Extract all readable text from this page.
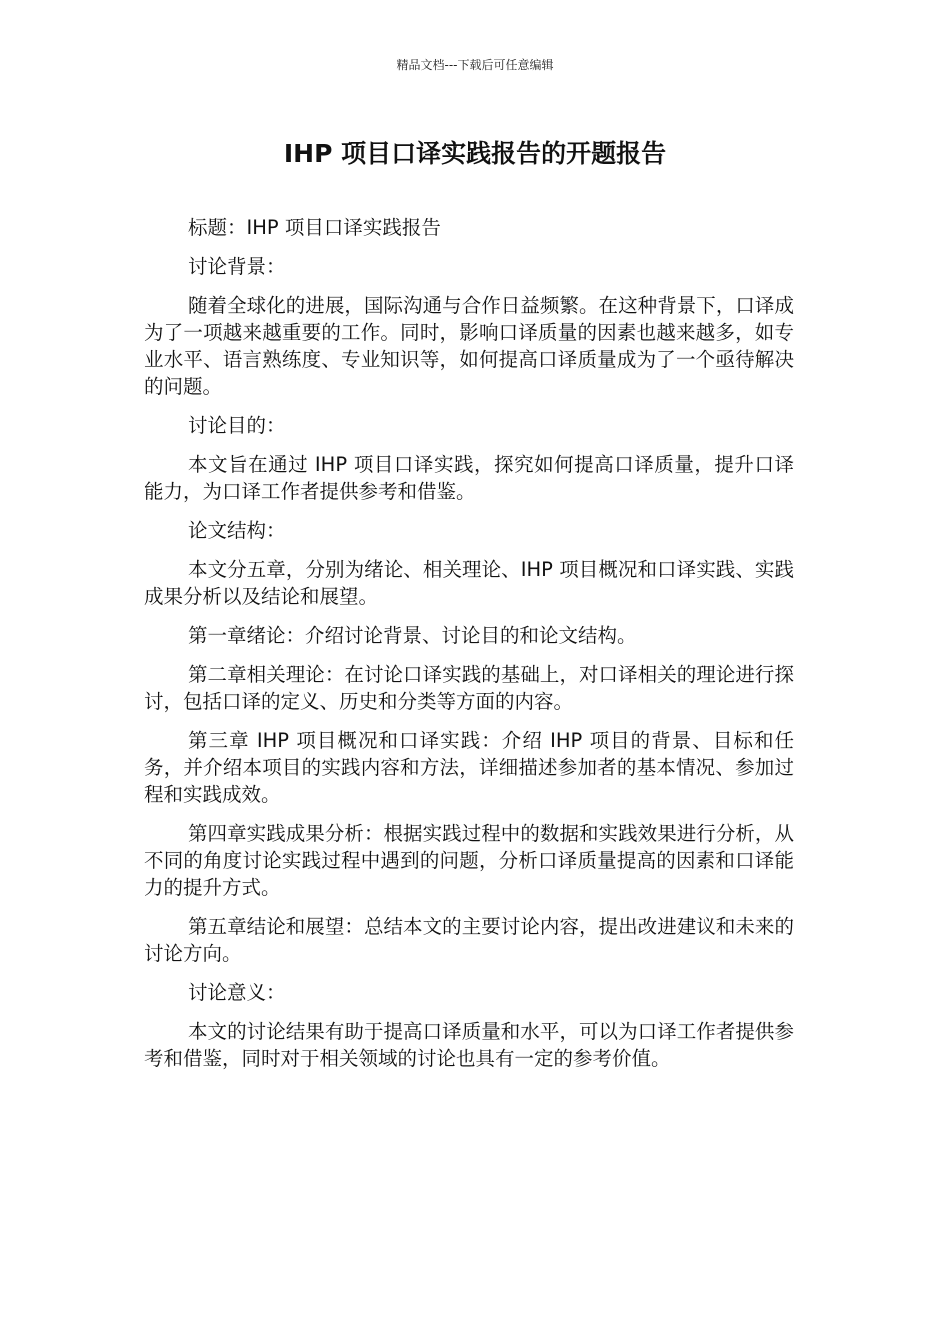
精品文档---下载后可任意编辑
IHP 项目口译实践报告的开题报告

标题：IHP 项目口译实践报告

讨论背景：

随着全球化的进展，国际沟通与合作日益频繁。在这种背景下，口译成为了一项越来越重要的工作。同时，影响口译质量的因素也越来越多，如专业水平、语言熟练度、专业知识等，如何提高口译质量成为了一个亟待解决的问题。

讨论目的：

本文旨在通过 IHP 项目口译实践，探究如何提高口译质量，提升口译能力，为口译工作者提供参考和借鉴。

论文结构：

本文分五章，分别为绪论、相关理论、IHP 项目概况和口译实践、实践成果分析以及结论和展望。

第一章绪论：介绍讨论背景、讨论目的和论文结构。

第二章相关理论：在讨论口译实践的基础上，对口译相关的理论进行探讨，包括口译的定义、历史和分类等方面的内容。

第三章 IHP 项目概况和口译实践：介绍 IHP 项目的背景、目标和任务，并介绍本项目的实践内容和方法，详细描述参加者的基本情况、参加过程和实践成效。

第四章实践成果分析：根据实践过程中的数据和实践效果进行分析，从不同的角度讨论实践过程中遇到的问题，分析口译质量提高的因素和口译能力的提升方式。

第五章结论和展望：总结本文的主要讨论内容，提出改进建议和未来的讨论方向。

讨论意义：

本文的讨论结果有助于提高口译质量和水平，可以为口译工作者提供参考和借鉴，同时对于相关领域的讨论也具有一定的参考价值。
